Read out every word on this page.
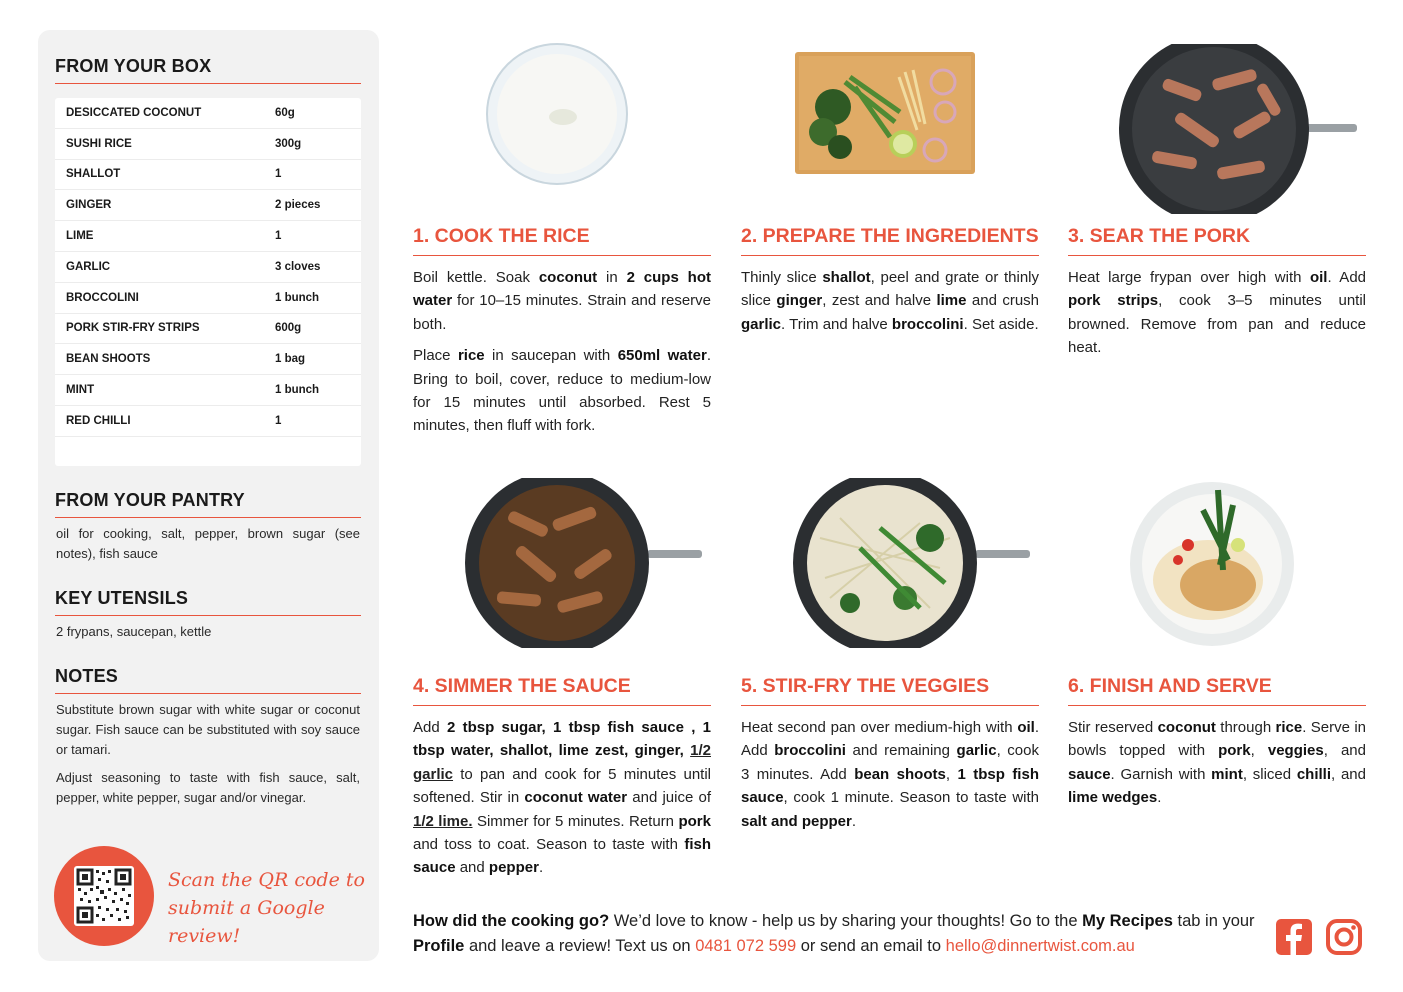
FROM YOUR BOX
DESICCATED COCONUT	60g
SUSHI RICE	300g
SHALLOT	1
GINGER	2 pieces
LIME	1
GARLIC	3 cloves
BROCCOLINI	1 bunch
PORK STIR-FRY STRIPS	600g
BEAN SHOOTS	1 bag
MINT	1 bunch
RED CHILLI	1
FROM YOUR PANTRY
oil for cooking, salt, pepper, brown sugar (see notes), fish sauce
KEY UTENSILS
2 frypans, saucepan, kettle
NOTES
Substitute brown sugar with white sugar or coconut sugar. Fish sauce can be substituted with soy sauce or tamari.
Adjust seasoning to taste with fish sauce, salt, pepper, white pepper, sugar and/or vinegar.
Scan the QR code to
submit a Google review!
1. COOK THE RICE	2. PREPARE THE INGREDIENTS 3. SEAR THE PORK
4. SIMMER THE SAUCE	5. STIR-FRY THE VEGGIES	6. FINISH AND SERVE

Boil kettle. Soak coconut in 2 cups hot water for 10–15 minutes. Strain and reserve both.

Place rice in saucepan with 650ml water. Bring to boil, cover, reduce to medium-low for 15 minutes until absorbed. Rest 5 minutes, then fluff with fork.

Thinly slice shallot, peel and grate or thinly slice ginger, zest and halve lime and crush garlic. Trim and halve broccolini. Set aside.

Heat large frypan over high with oil. Add pork strips, cook 3–5 minutes until browned. Remove from pan and reduce heat.

Add 2 tbsp sugar, 1 tbsp fish sauce , 1 tbsp water, shallot, lime zest, ginger, 1/2 garlic to pan and cook for 5 minutes until softened. Stir in coconut water and juice of 1/2 lime. Simmer for 5 minutes. Return pork and toss to coat. Season to taste with fish sauce and pepper.

Heat second pan over medium-high with oil. Add broccolini and remaining garlic, cook 3 minutes. Add bean shoots, 1 tbsp fish sauce, cook 1 minute. Season to taste with salt and pepper.

Stir reserved coconut through rice. Serve in bowls topped with pork, veggies, and sauce. Garnish with mint, sliced chilli, and lime wedges.

How did the cooking go? We’d love to know - help us by sharing your thoughts! Go to the My Recipes tab in your Profile and leave a review! Text us on 0481 072 599 or send an email to hello@dinnertwist.com.au
